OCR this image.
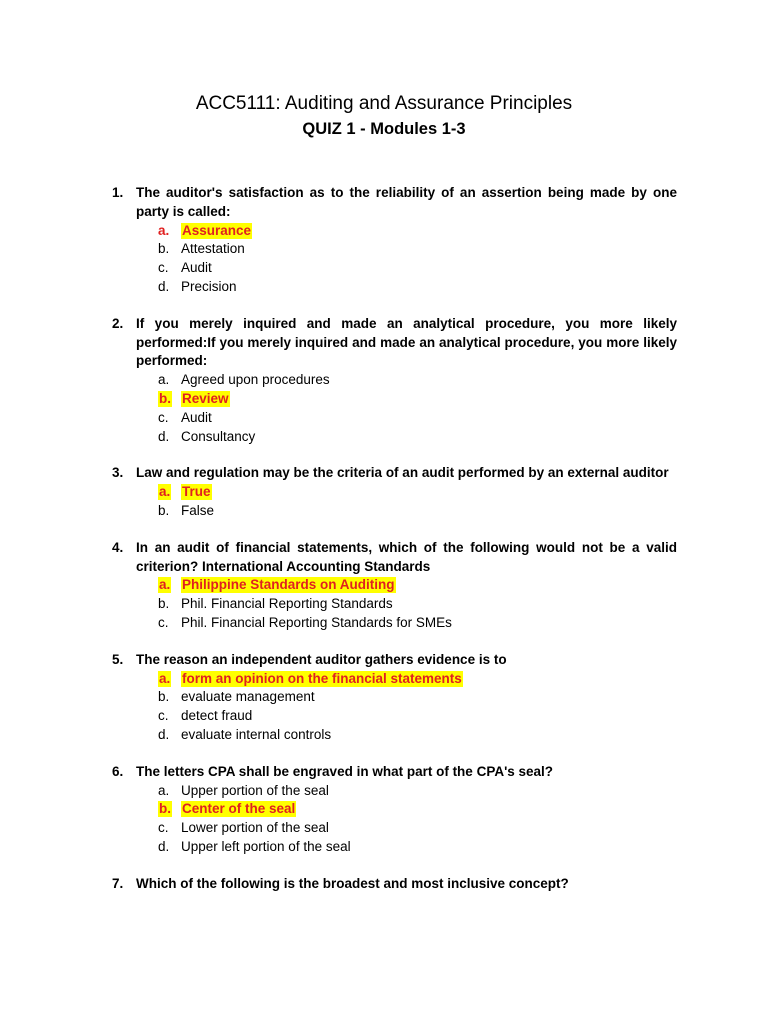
ACC5111: Auditing and Assurance Principles
QUIZ 1 - Modules 1-3
1. The auditor's satisfaction as to the reliability of an assertion being made by one party is called:
a. Assurance
b. Attestation
c. Audit
d. Precision
2. If you merely inquired and made an analytical procedure, you more likely performed:If you merely inquired and made an analytical procedure, you more likely performed:
a. Agreed upon procedures
b. Review
c. Audit
d. Consultancy
3. Law and regulation may be the criteria of an audit performed by an external auditor
a. True
b. False
4. In an audit of financial statements, which of the following would not be a valid criterion? International Accounting Standards
a. Philippine Standards on Auditing
b. Phil. Financial Reporting Standards
c. Phil. Financial Reporting Standards for SMEs
5. The reason an independent auditor gathers evidence is to
a. form an opinion on the financial statements
b. evaluate management
c. detect fraud
d. evaluate internal controls
6. The letters CPA shall be engraved in what part of the CPA's seal?
a. Upper portion of the seal
b. Center of the seal
c. Lower portion of the seal
d. Upper left portion of the seal
7. Which of the following is the broadest and most inclusive concept?
